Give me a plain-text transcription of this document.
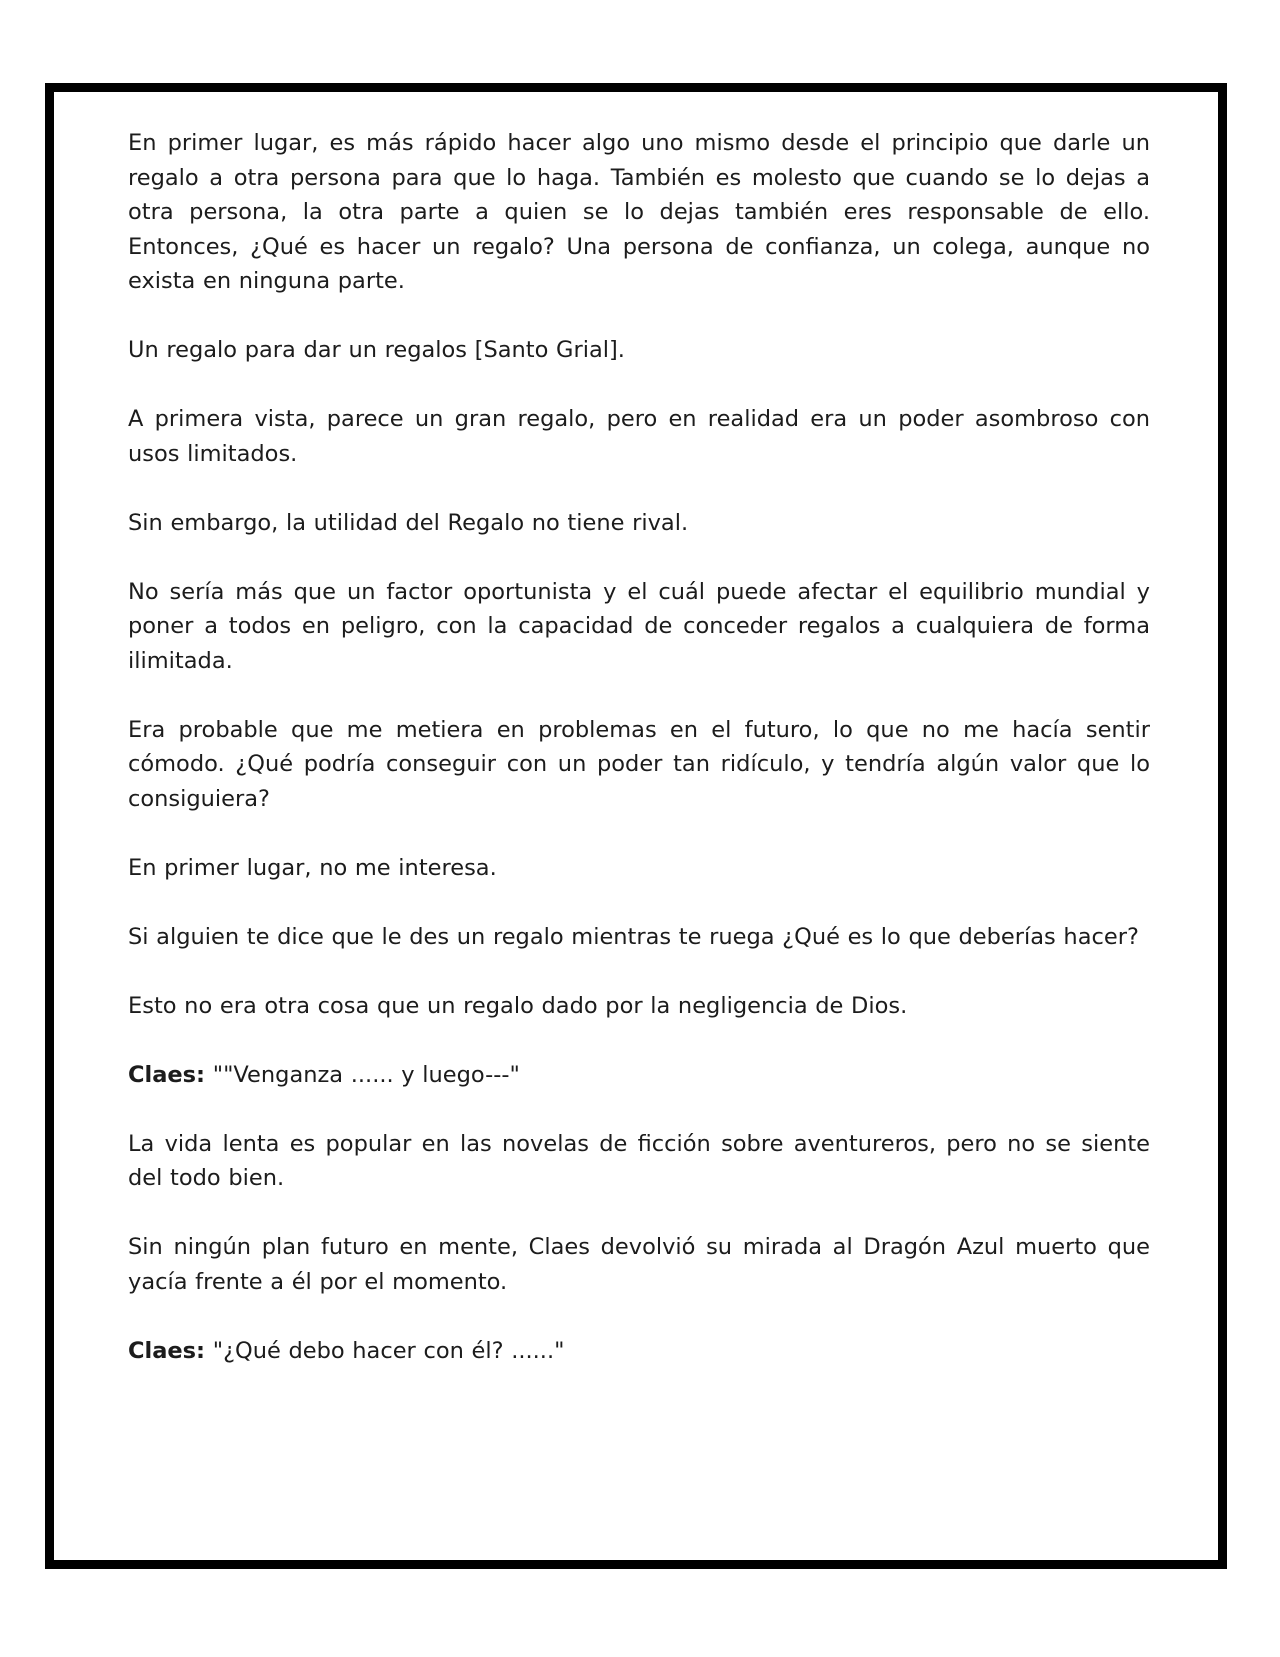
En primer lugar, es más rápido hacer algo uno mismo desde el principio que darle un regalo a otra persona para que lo haga. También es molesto que cuando se lo dejas a otra persona, la otra parte a quien se lo dejas también eres responsable de ello. Entonces, ¿Qué es hacer un regalo? Una persona de confianza, un colega, aunque no exista en ninguna parte.

Un regalo para dar un regalos [Santo Grial].

A primera vista, parece un gran regalo, pero en realidad era un poder asombroso con usos limitados.

Sin embargo, la utilidad del Regalo no tiene rival.

No sería más que un factor oportunista y el cuál puede afectar el equilibrio mundial y poner a todos en peligro, con la capacidad de conceder regalos a cualquiera de forma ilimitada.

Era probable que me metiera en problemas en el futuro, lo que no me hacía sentir cómodo. ¿Qué podría conseguir con un poder tan ridículo, y tendría algún valor que lo consiguiera?

En primer lugar, no me interesa.

Si alguien te dice que le des un regalo mientras te ruega ¿Qué es lo que deberías hacer?

Esto no era otra cosa que un regalo dado por la negligencia de Dios.

Claes: ""Venganza ...... y luego---"

La vida lenta es popular en las novelas de ficción sobre aventureros, pero no se siente del todo bien.

Sin ningún plan futuro en mente, Claes devolvió su mirada al Dragón Azul muerto que yacía frente a él por el momento.

Claes: "¿Qué debo hacer con él? ......"
